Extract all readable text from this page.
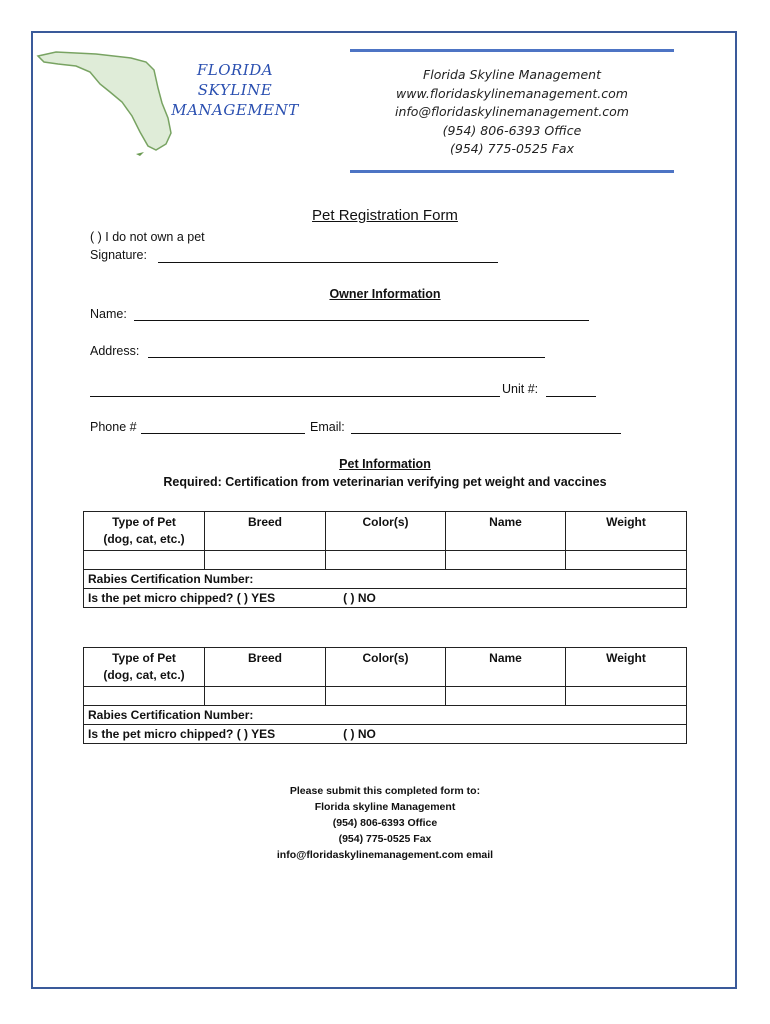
FLORIDA
SKYLINE
MANAGEMENT
Florida Skyline Management
www.floridaskylinemanagement.com
info@floridaskylinemanagement.com
(954) 806-6393 Office
(954) 775-0525 Fax
Pet Registration Form
( ) I do not own a pet
Signature:
Owner Information
Name:
Address:
Unit #:
Phone #	Email:
Pet Information
Required: Certification from veterinarian verifying pet weight and vaccines
Type of Pet
(dog, cat, etc.)	Breed	Color(s)	Name	Weight

Rabies Certification Number:				
Is the pet micro chipped? ( ) YES ( ) NO				
Type of Pet
(dog, cat, etc.)	Breed	Color(s)	Name	Weight

Rabies Certification Number:				
Is the pet micro chipped? ( ) YES ( ) NO				
Please submit this completed form to:
Florida skyline Management
(954) 806-6393 Office
(954) 775-0525 Fax
info@floridaskylinemanagement.com email
